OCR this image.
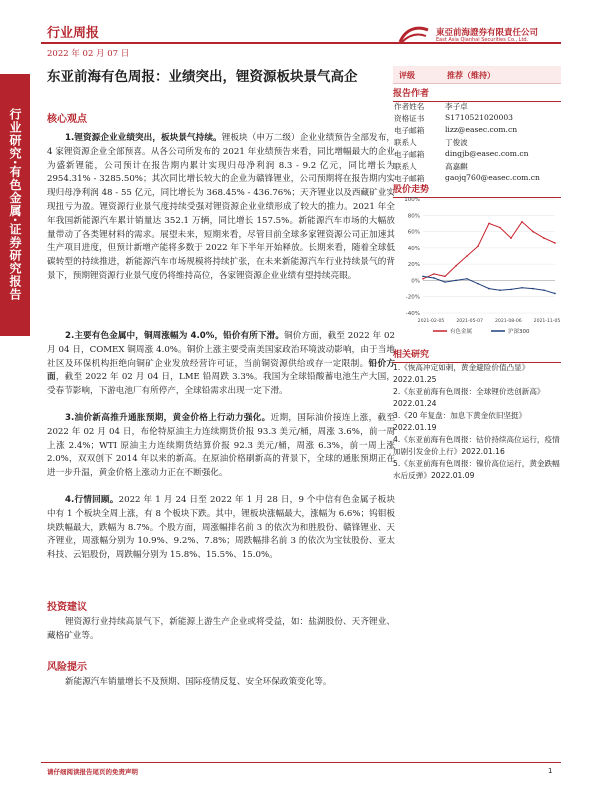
行业周报
2022 年 02 月 07 日
東亞前海證券有限責任公司
East Asia Qianhai Securities Co., Ltd.
行业研究·有色金属·证券研究报告
东亚前海有色周报：业绩突出，锂资源板块景气高企
核心观点
1.锂资源企业业绩突出，板块景气持续。锂板块（申万二级）企业业绩预告全部发布，4 家锂资源企业全部预喜。从各公司所发布的 2021 年业绩预告来看，同比增幅最大的企业为盛新锂能，公司预计在报告期内累计实现归母净利润 8.3 - 9.2 亿元，同比增长为 2954.31% - 3285.50%；其次同比增长较大的企业为赣锋锂业，公司预期将在报告期内实现归母净利润 48 - 55 亿元，同比增长为 368.45% - 436.76%；天齐锂业以及西藏矿业实现扭亏为盈。锂资源行业景气度持续受强对锂资源企业业绩形成了较大的推力。2021 年全年我国新能源汽车累计销量达 352.1 万辆，同比增长 157.5%。新能源汽车市场的大幅放量带动了各类锂材料的需求。展望未来，短期来看，尽管目前全球多家锂资源公司正加速其生产项目进度，但预计新增产能将多数于 2022 年下半年开始释放。长期来看，随着全球低碳转型的持续推进，新能源汽车市场规模将持续扩张，在未来新能源汽车行业持续景气的背景下，预期锂资源行业景气度仍将维持高位，各家锂资源企业业绩有望持续亮眼。
2.主要有色金属中，铜周涨幅为 4.0%，铅价有所下滑。铜价方面，截至 2022 年 02 月 04 日，COMEX 铜周涨 4.0%。铜价上涨主要受南美国家政治环境波动影响，由于当地社区及环保机构拒绝向铜矿企业发放经营许可证，当前铜资源供给或存一定限制。铅价方面，截至 2022 年 02 月 04 日，LME 铅周跌 3.3%。我国为全球铅酸蓄电池生产大国，受春节影响，下游电池厂有所停产，全球铅需求出现一定下滑。
3.油价新高推升通胀预期，黄金价格上行动力强化。近期，国际油价接连上涨，截至 2022 年 02 月 04 日，布伦特原油主力连续期货价报 93.3 美元/桶，周涨 3.6%，前一周上涨 2.4%；WTI 原油主力连续期货结算价报 92.3 美元/桶，周涨 6.3%，前一周上涨 2.0%，双双创下 2014 年以来的新高。在原油价格刷新高的背景下，全球的通胀预期正在进一步升温，黄金价格上涨动力正在不断强化。
4.行情回顾。2022 年 1 月 24 日至 2022 年 1 月 28 日，9 个中信有色金属子板块中有 1 个板块全周上涨，有 8 个板块下跌。其中，锂板块涨幅最大，涨幅为 6.6%；钨钼板块跌幅最大，跌幅为 8.7%。个股方面，周涨幅排名前 3 的依次为和胜股份、赣锋锂业、天齐锂业，周涨幅分别为 10.9%、9.2%、7.8%；周跌幅排名前 3 的依次为宝钛股份、亚太科技、云铝股份，周跌幅分别为 15.8%、15.5%、15.0%。
投资建议
锂资源行业持续高景气下，新能源上游生产企业或将受益，如：盐湖股份、天齐锂业、藏格矿业等。
风险提示
新能源汽车销量增长不及预期、国际疫情反复、安全环保政策变化等。
评级	推荐（维持）
报告作者
作者姓名	李子卓
资格证书	S1710521020003
电子邮箱	lizz@easec.com.cn
联系人	丁俊波
电子邮箱	dingjb@easec.com.cn
联系人	高嘉麒
电子邮箱	gaojq760@easec.com.cn
股价走势
100%
80%
60%
40%
20%
0%
-20%
-40%
2021-02-05	2021-05-07	2021-08-06	2021-11-05
有色金属	沪深300
相关研究
1.《恢高冲定如刺，黄金避险价值凸显》2022.01.25
2.《东亚前海有色周报：全球锂价迭创新高》2022.01.24
3.《20 年复盘：加息下黄金依旧坚挺》2022.01.19
4.《东亚前海有色周报：钴价持续高位运行，疫情加剧引发金价上行》2022.01.16
5.《东亚前海有色周报：镍价高位运行，黄金跌幅水后反弹》2022.01.09
请仔细阅读报告尾页的免责声明	1
